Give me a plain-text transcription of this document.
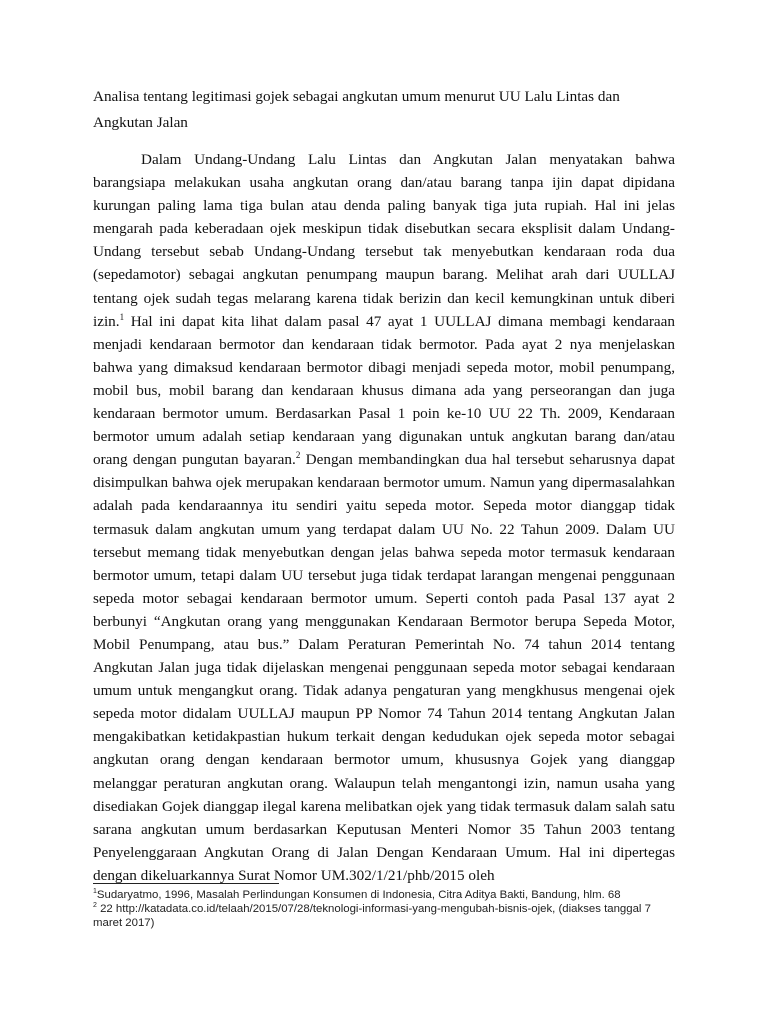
Analisa tentang legitimasi gojek sebagai angkutan umum menurut UU Lalu Lintas dan Angkutan Jalan

Dalam Undang-Undang Lalu Lintas dan Angkutan Jalan menyatakan bahwa barangsiapa melakukan usaha angkutan orang dan/atau barang tanpa ijin dapat dipidana kurungan paling lama tiga bulan atau denda paling banyak tiga juta rupiah. Hal ini jelas mengarah pada keberadaan ojek meskipun tidak disebutkan secara eksplisit dalam Undang-Undang tersebut sebab Undang-Undang tersebut tak menyebutkan kendaraan roda dua (sepedamotor) sebagai angkutan penumpang maupun barang. Melihat arah dari UULLAJ tentang ojek sudah tegas melarang karena tidak berizin dan kecil kemungkinan untuk diberi izin.$^1$ Hal ini dapat kita lihat dalam pasal 47 ayat 1 UULLAJ dimana membagi kendaraan menjadi kendaraan bermotor dan kendaraan tidak bermotor. Pada ayat 2 nya menjelaskan bahwa yang dimaksud kendaraan bermotor dibagi menjadi sepeda motor, mobil penumpang, mobil bus, mobil barang dan kendaraan khusus dimana ada yang perseorangan dan juga kendaraan bermotor umum. Berdasarkan Pasal 1 poin ke-10 UU 22 Th. 2009, Kendaraan bermotor umum adalah setiap kendaraan yang digunakan untuk angkutan barang dan/atau orang dengan pungutan bayaran.$^2$ Dengan membandingkan dua hal tersebut seharusnya dapat disimpulkan bahwa ojek merupakan kendaraan bermotor umum. Namun yang dipermasalahkan adalah pada kendaraannya itu sendiri yaitu sepeda motor. Sepeda motor dianggap tidak termasuk dalam angkutan umum yang terdapat dalam UU No. 22 Tahun 2009. Dalam UU tersebut memang tidak menyebutkan dengan jelas bahwa sepeda motor termasuk kendaraan bermotor umum, tetapi dalam UU tersebut juga tidak terdapat larangan mengenai penggunaan sepeda motor sebagai kendaraan bermotor umum. Seperti contoh pada Pasal 137 ayat 2 berbunyi “Angkutan orang yang menggunakan Kendaraan Bermotor berupa Sepeda Motor, Mobil Penumpang, atau bus.” Dalam Peraturan Pemerintah No. 74 tahun 2014 tentang Angkutan Jalan juga tidak dijelaskan mengenai penggunaan sepeda motor sebagai kendaraan umum untuk mengangkut orang. Tidak adanya pengaturan yang mengkhusus mengenai ojek sepeda motor didalam UULLAJ maupun PP Nomor 74 Tahun 2014 tentang Angkutan Jalan mengakibatkan ketidakpastian hukum terkait dengan kedudukan ojek sepeda motor sebagai angkutan orang dengan kendaraan bermotor umum, khususnya Gojek yang dianggap melanggar peraturan angkutan orang. Walaupun telah mengantongi izin, namun usaha yang disediakan Gojek dianggap ilegal karena melibatkan ojek yang tidak termasuk dalam salah satu sarana angkutan umum berdasarkan Keputusan Menteri Nomor 35 Tahun 2003 tentang Penyelenggaraan Angkutan Orang di Jalan Dengan Kendaraan Umum. Hal ini dipertegas dengan dikeluarkannya Surat Nomor UM.302/1/21/phb/2015 oleh

$^1$Sudaryatmo, 1996, Masalah Perlindungan Konsumen di Indonesia, Citra Aditya Bakti, Bandung, hlm. 68

$^2$ 22 http://katadata.co.id/telaah/2015/07/28/teknologi-informasi-yang-mengubah-bisnis-ojek, (diakses tanggal 7 maret 2017)
